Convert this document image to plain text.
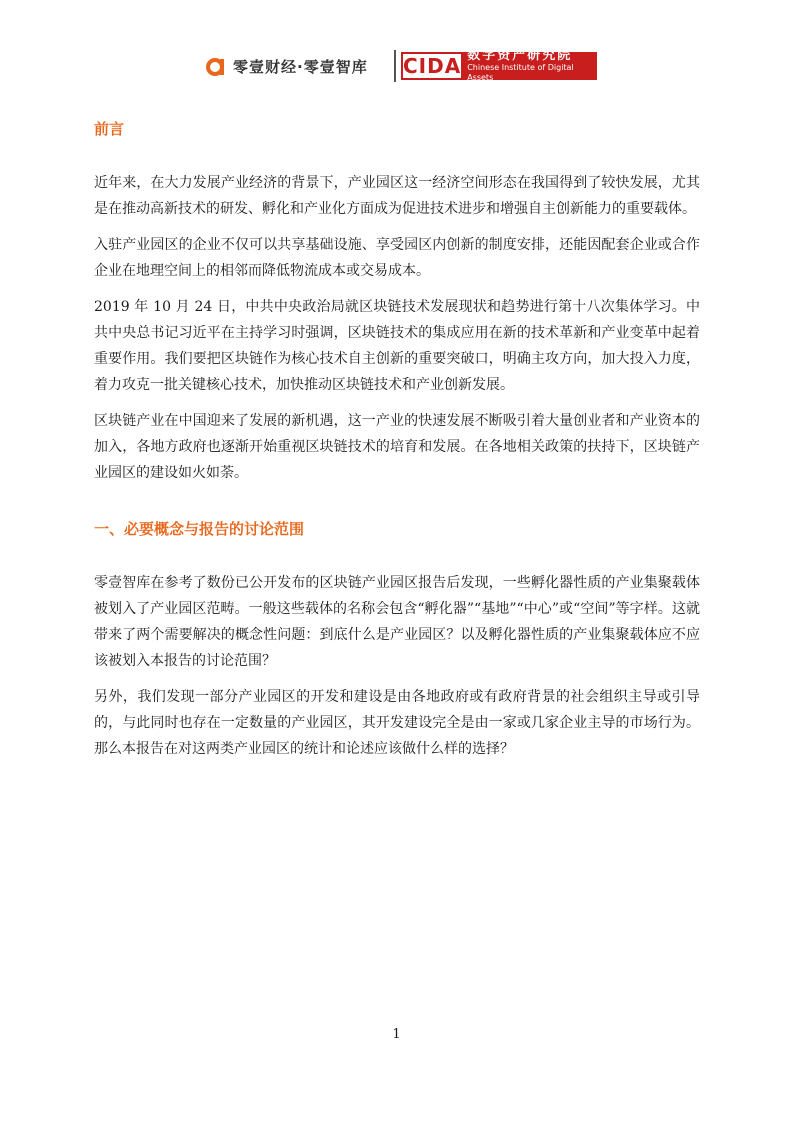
零壹财经·零壹智库 CIDA 数字资产研究院
Chinese Institute of Digital Assets

前言

近年来，在大力发展产业经济的背景下，产业园区这一经济空间形态在我国得到了较快发展，尤其是在推动高新技术的研发、孵化和产业化方面成为促进技术进步和增强自主创新能力的重要载体。

入驻产业园区的企业不仅可以共享基础设施、享受园区内创新的制度安排，还能因配套企业或合作企业在地理空间上的相邻而降低物流成本或交易成本。

2019 年 10 月 24 日，中共中央政治局就区块链技术发展现状和趋势进行第十八次集体学习。中共中央总书记习近平在主持学习时强调，区块链技术的集成应用在新的技术革新和产业变革中起着重要作用。我们要把区块链作为核心技术自主创新的重要突破口，明确主攻方向，加大投入力度，着力攻克一批关键核心技术，加快推动区块链技术和产业创新发展。

区块链产业在中国迎来了发展的新机遇，这一产业的快速发展不断吸引着大量创业者和产业资本的加入，各地方政府也逐渐开始重视区块链技术的培育和发展。在各地相关政策的扶持下，区块链产业园区的建设如火如荼。

一、必要概念与报告的讨论范围

零壹智库在参考了数份已公开发布的区块链产业园区报告后发现，一些孵化器性质的产业集聚载体被划入了产业园区范畴。一般这些载体的名称会包含“孵化器”“基地”“中心”或“空间”等字样。这就带来了两个需要解决的概念性问题：到底什么是产业园区？以及孵化器性质的产业集聚载体应不应该被划入本报告的讨论范围？

另外，我们发现一部分产业园区的开发和建设是由各地政府或有政府背景的社会组织主导或引导的，与此同时也存在一定数量的产业园区，其开发建设完全是由一家或几家企业主导的市场行为。那么本报告在对这两类产业园区的统计和论述应该做什么样的选择？

1
